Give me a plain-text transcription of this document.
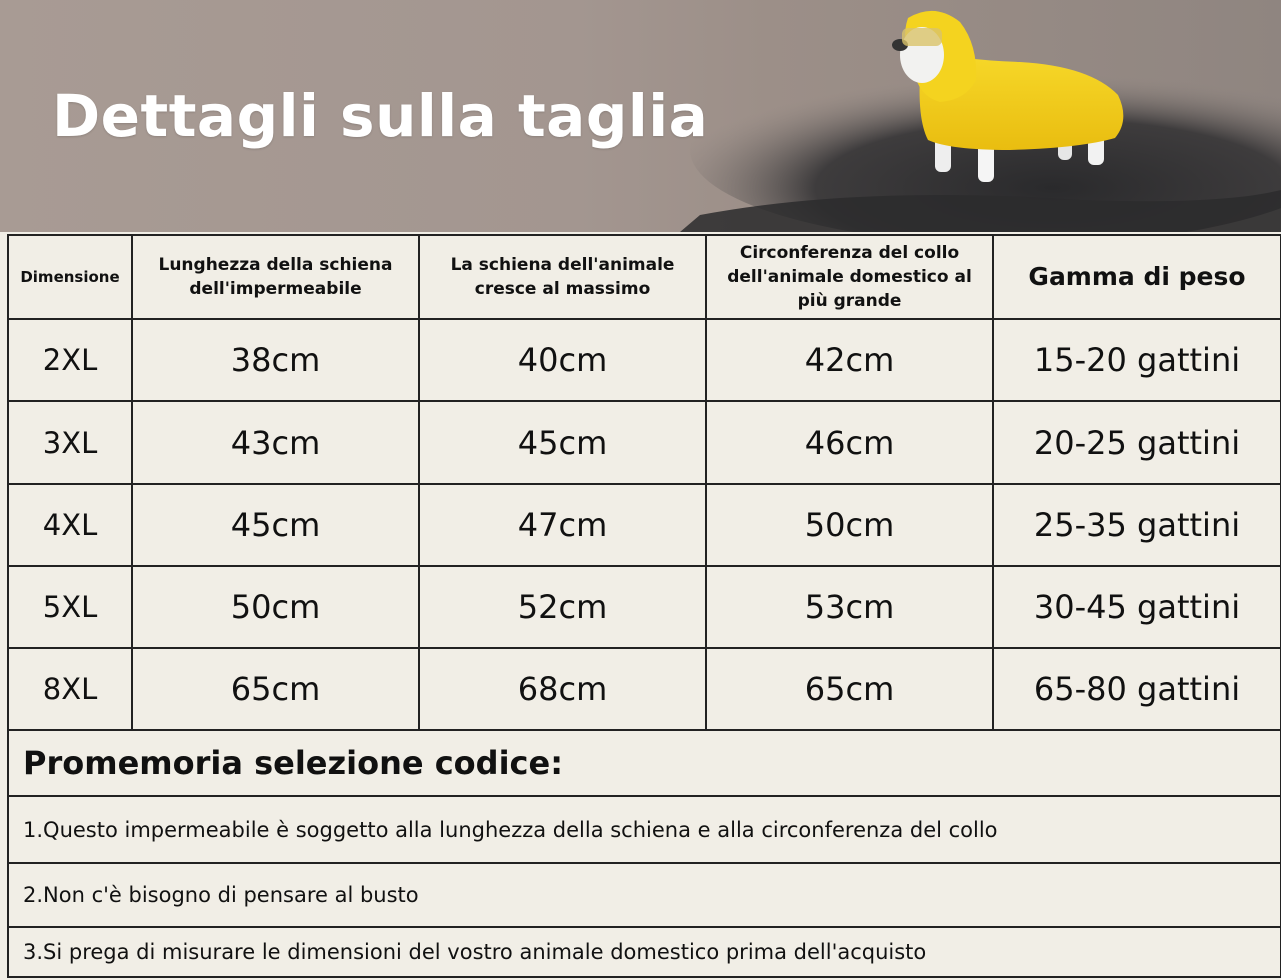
Dettagli sulla taglia
Dimensione	Lunghezza della schiena dell'impermeabile	La schiena dell'animale cresce al massimo	Circonferenza del collo dell'animale domestico al più grande	Gamma di peso
2XL	38cm	40cm	42cm	15-20 gattini
3XL	43cm	45cm	46cm	20-25 gattini
4XL	45cm	47cm	50cm	25-35 gattini
5XL	50cm	52cm	53cm	30-45 gattini
8XL	65cm	68cm	65cm	65-80 gattini
Promemoria selezione codice:				
1.Questo impermeabile è soggetto alla lunghezza della schiena e alla circonferenza del collo				
2.Non c'è bisogno di pensare al busto				
3.Si prega di misurare le dimensioni del vostro animale domestico prima dell'acquisto				
